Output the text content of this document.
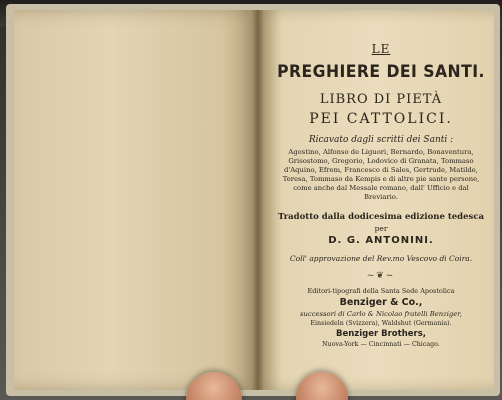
LE

PREGHIERE DEI SANTI.

LIBRO DI PIETÀ

PEI CATTOLICI.

Ricavato dagli scritti dei Santi :

Agostino, Alfonso de Liguori, Bernardo, Bonaventura, Grisostomo, Gregorio, Lodovico di Granata, Tommaso d'Aquino, Efrem, Francesco di Sales, Gertrude, Matilde, Teresa, Tommaso da Kempis e di altre pie sante persone, come anche dal Messale romano, dall' Ufficio e dal Breviario.

Tradotto dalla dodicesima edizione tedesca

per

D. G. ANTONINI.

Coll' approvazione del Rev.mo Vescovo di Coira.

~❦~

Editori-tipografi della Santa Sede Apostolica

Benziger & Co.,

successori di Carlo & Nicolao fratelli Benziger,

Einsiedeln (Svizzera), Waldshut (Germania).

Benziger Brothers,

Nuova-York — Cincinnati — Chicago.
